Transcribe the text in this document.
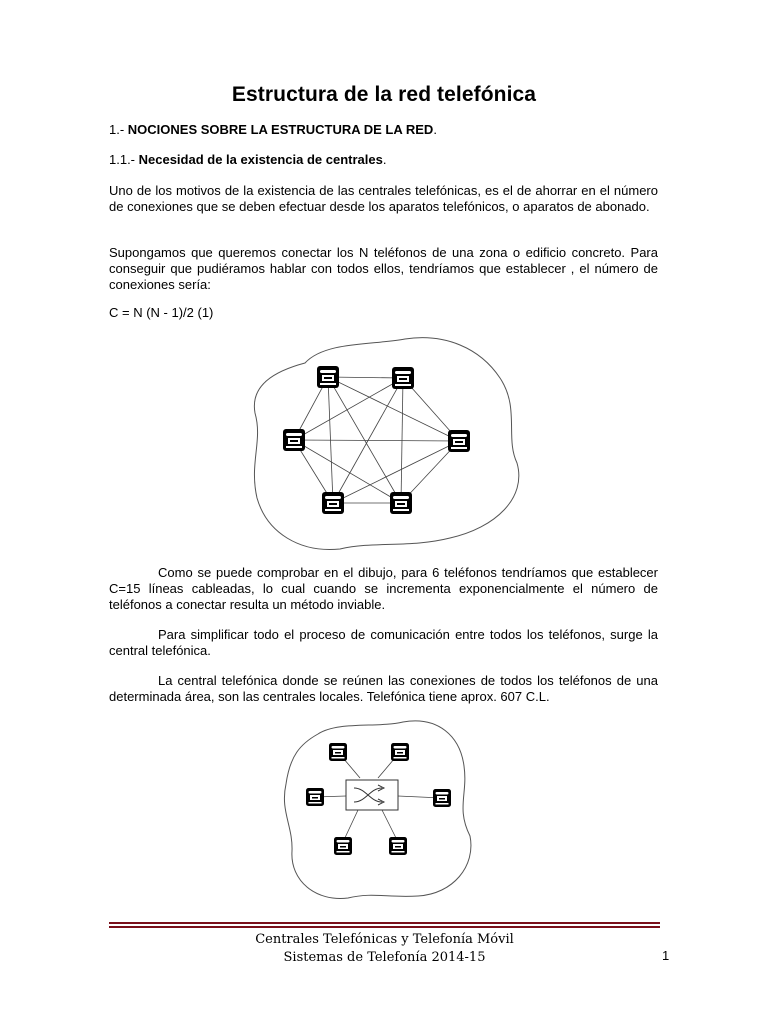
Estructura de la red telefónica
1.- NOCIONES SOBRE LA ESTRUCTURA DE LA RED.
1.1.- Necesidad de la existencia de centrales.

Uno de los motivos de la existencia de las centrales telefónicas, es el de ahorrar en el número de conexiones que se deben efectuar desde los aparatos telefónicos, o aparatos de abonado.

Supongamos que queremos conectar los N teléfonos de una zona o edificio concreto. Para conseguir que pudiéramos hablar con todos ellos, tendríamos que establecer , el número de conexiones sería:

C = N (N - 1)/2 (1)

Como se puede comprobar en el dibujo, para 6 teléfonos tendríamos que establecer C=15 líneas cableadas, lo cual cuando se incrementa exponencialmente el número de teléfonos a conectar resulta un método inviable.

Para simplificar todo el proceso de comunicación entre todos los teléfonos, surge la central telefónica.

La central telefónica donde se reúnen las conexiones de todos los teléfonos de una determinada área, son las centrales locales. Telefónica tiene aprox. 607 C.L.

Centrales Telefónicas y Telefonía Móvil
Sistemas de Telefonía 2014-15	1
